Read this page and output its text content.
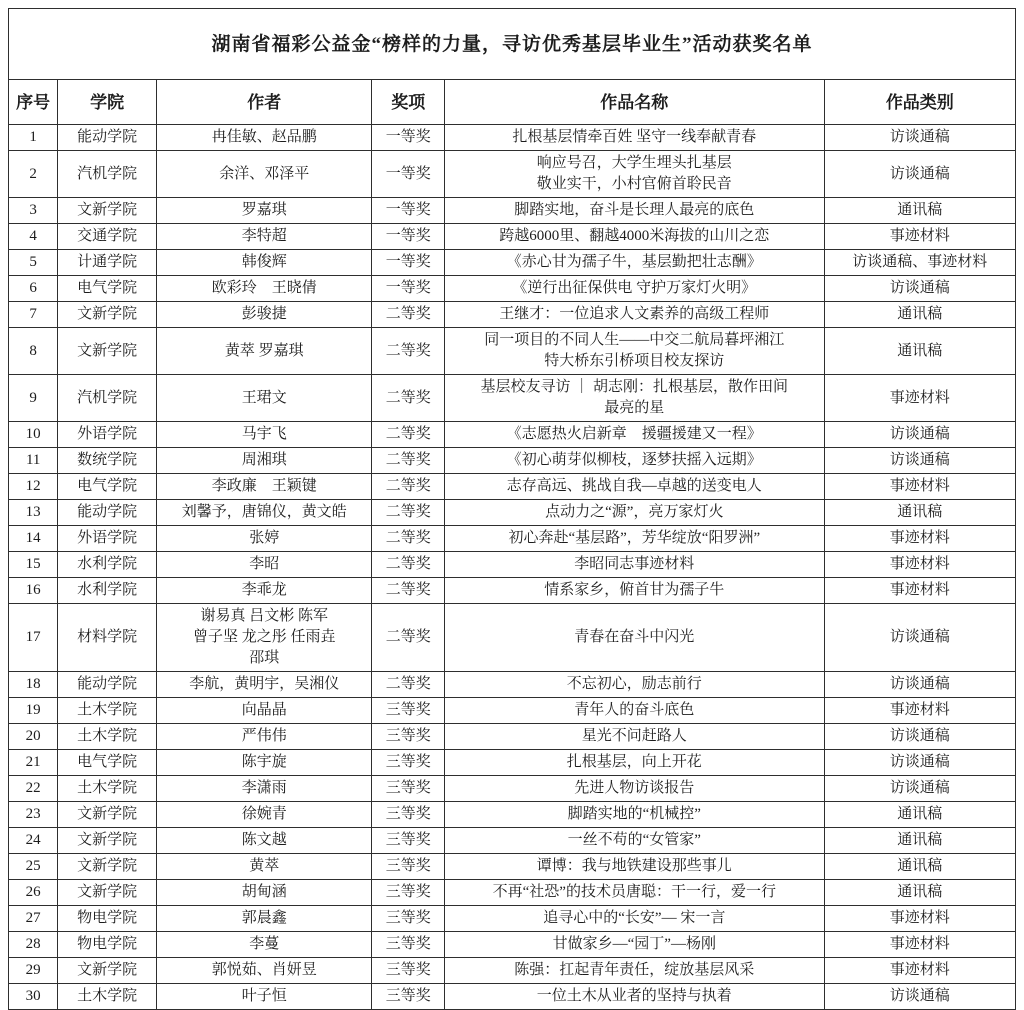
湖南省福彩公益金“榜样的力量，寻访优秀基层毕业生”活动获奖名单					
序号	学院	作者	奖项	作品名称	作品类别
1	能动学院	冉佳敏、赵品鹏	一等奖	扎根基层情牵百姓 坚守一线奉献青春	访谈通稿
2	汽机学院	余洋、邓泽平	一等奖	响应号召，大学生埋头扎基层
敬业实干，小村官俯首聆民音	访谈通稿
3	文新学院	罗嘉琪	一等奖	脚踏实地，奋斗是长理人最亮的底色	通讯稿
4	交通学院	李特超	一等奖	跨越6000里、翻越4000米海拔的山川之恋	事迹材料
5	计通学院	韩俊辉	一等奖	《赤心甘为孺子牛，基层勤把壮志酬》	访谈通稿、事迹材料
6	电气学院	欧彩玲　王晓倩	一等奖	《逆行出征保供电 守护万家灯火明》	访谈通稿
7	文新学院	彭骏捷	二等奖	王继才：一位追求人文素养的高级工程师	通讯稿
8	文新学院	黄萃 罗嘉琪	二等奖	同一项目的不同人生——中交二航局暮坪湘江
特大桥东引桥项目校友探访	通讯稿
9	汽机学院	王珺文	二等奖	基层校友寻访 ｜ 胡志刚：扎根基层，散作田间
最亮的星	事迹材料
10	外语学院	马宇飞	二等奖	《志愿热火启新章　援疆援建又一程》	访谈通稿
11	数统学院	周湘琪	二等奖	《初心萌芽似柳枝，逐梦扶摇入远期》	访谈通稿
12	电气学院	李政廉　王颖键	二等奖	志存高远、挑战自我—卓越的送变电人	事迹材料
13	能动学院	刘馨予，唐锦仪，黄文皓	二等奖	点动力之“源”，亮万家灯火	通讯稿
14	外语学院	张婷	二等奖	初心奔赴“基层路”，芳华绽放“阳罗洲”	事迹材料
15	水利学院	李昭	二等奖	李昭同志事迹材料	事迹材料
16	水利学院	李乖龙	二等奖	情系家乡，俯首甘为孺子牛	事迹材料
17	材料学院	谢易真 吕文彬 陈军
曾子坚 龙之彤 任雨垚
邵琪	二等奖	青春在奋斗中闪光	访谈通稿
18	能动学院	李航，黄明宇，吴湘仪	二等奖	不忘初心，励志前行	访谈通稿
19	土木学院	向晶晶	三等奖	青年人的奋斗底色	事迹材料
20	土木学院	严伟伟	三等奖	星光不问赶路人	访谈通稿
21	电气学院	陈宇旋	三等奖	扎根基层，向上开花	访谈通稿
22	土木学院	李潇雨	三等奖	先进人物访谈报告	访谈通稿
23	文新学院	徐婉青	三等奖	脚踏实地的“机械控”	通讯稿
24	文新学院	陈文越	三等奖	一丝不苟的“女管家”	通讯稿
25	文新学院	黄萃	三等奖	谭博：我与地铁建设那些事儿	通讯稿
26	文新学院	胡甸涵	三等奖	不再“社恐”的技术员唐聪：干一行，爱一行	通讯稿
27	物电学院	郭晨鑫	三等奖	追寻心中的“长安”— 宋一言	事迹材料
28	物电学院	李蔓	三等奖	甘做家乡—“园丁”—杨刚	事迹材料
29	文新学院	郭悦茹、肖妍昱	三等奖	陈强：扛起青年责任，绽放基层风采	事迹材料
30	土木学院	叶子恒	三等奖	一位土木从业者的坚持与执着	访谈通稿
